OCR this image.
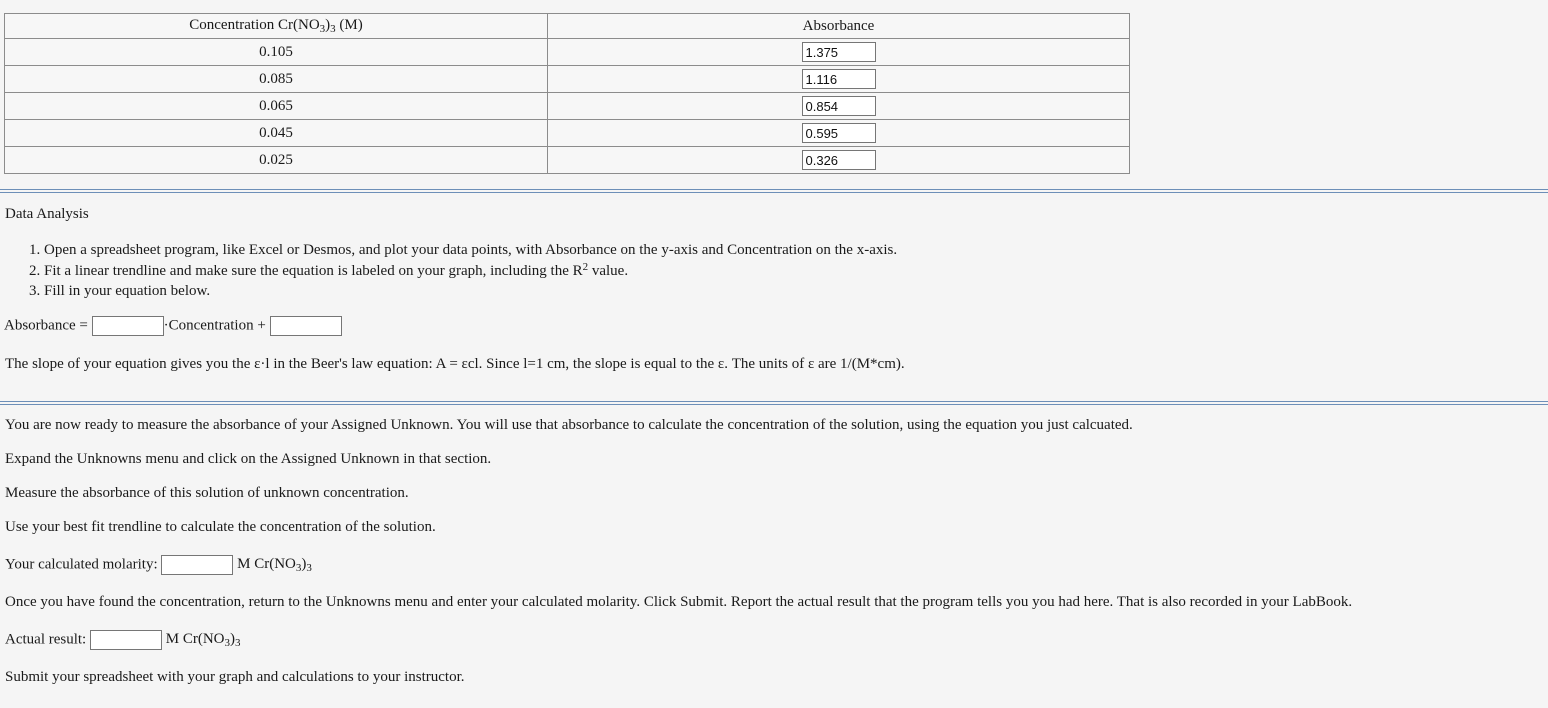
Concentration $Cr(NO_3)_3$ (M)	Absorbance
0.105	1.375
0.085	1.116
0.065	0.854
0.045	0.595
0.025	0.326
Data Analysis
1. Open a spreadsheet program, like Excel or Desmos, and plot your data points, with Absorbance on the y-axis and Concentration on the x-axis.
2. Fit a linear trendline and make sure the equation is labeled on your graph, including the $R^2$ value.
3. Fill in your equation below.
Absorbance =	·Concentration +
The slope of your equation gives you the ε·l in the Beer's law equation: A = εcl. Since l=1 cm, the slope is equal to the ε. The units of ε are 1/(M*cm).
You are now ready to measure the absorbance of your Assigned Unknown. You will use that absorbance to calculate the concentration of the solution, using the equation you just calcuated.
Expand the Unknowns menu and click on the Assigned Unknown in that section.
Measure the absorbance of this solution of unknown concentration.
Use your best fit trendline to calculate the concentration of the solution.
Your calculated molarity:	M $Cr(NO_3)_3$
Once you have found the concentration, return to the Unknowns menu and enter your calculated molarity. Click Submit. Report the actual result that the program tells you you had here. That is also recorded in your LabBook.
Actual result:	M $Cr(NO_3)_3$
Submit your spreadsheet with your graph and calculations to your instructor.
